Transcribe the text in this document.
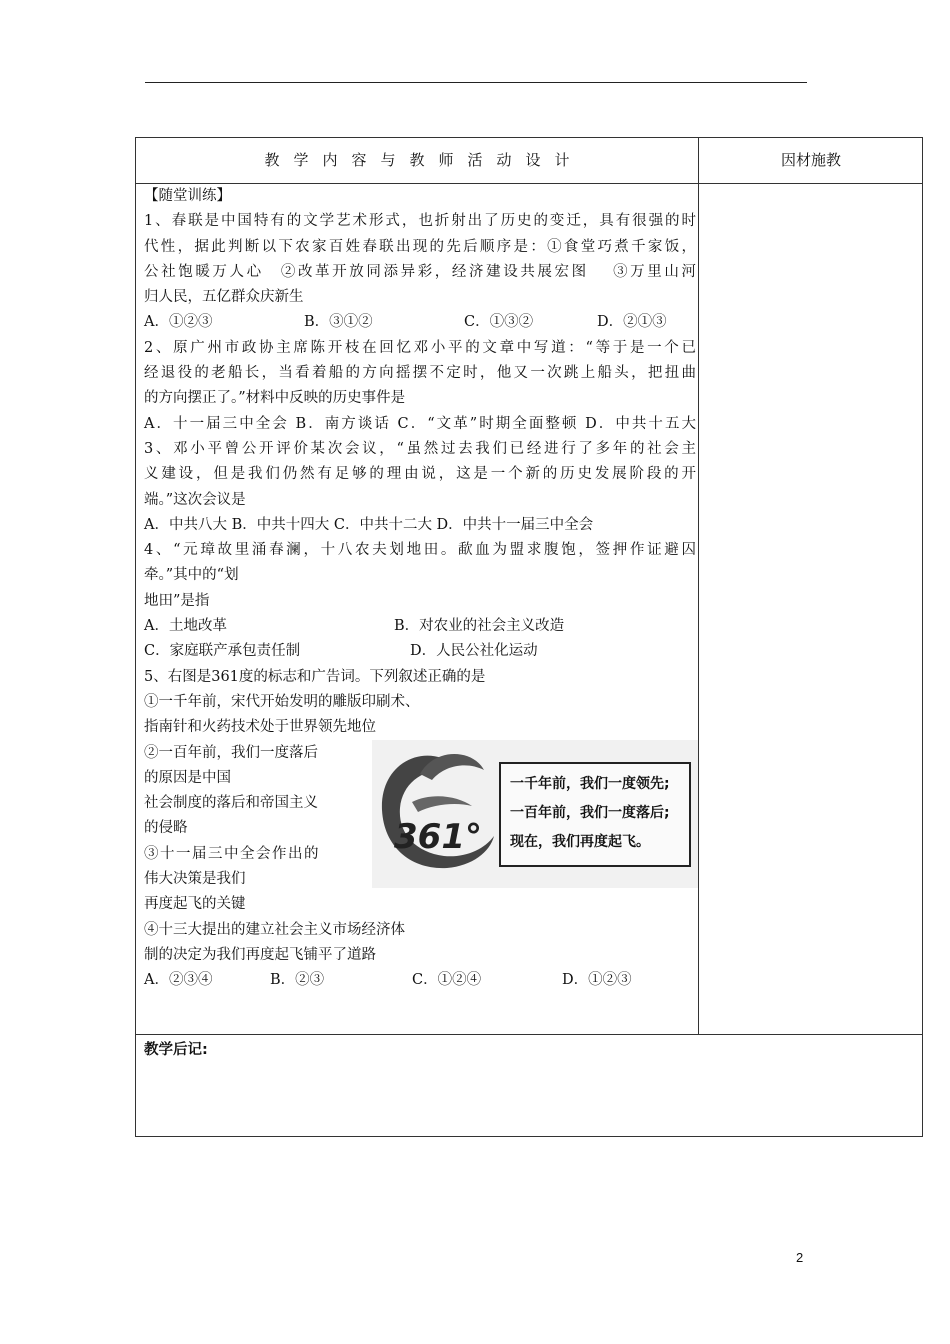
教学内容与教师活动设计	因材施教
【随堂训练】
1、春联是中国特有的文学艺术形式，也折射出了历史的变迁，具有很强的时
代性，据此判断以下农家百姓春联出现的先后顺序是：①食堂巧煮千家饭，
公社饱暖万人心　②改革开放同添异彩，经济建设共展宏图　 ③万里山河
归人民，五亿群众庆新生
A．①②③	B．③①②	C．①③②	D．②①③
2、原广州市政协主席陈开枝在回忆邓小平的文章中写道：“等于是一个已
经退役的老船长，当看着船的方向摇摆不定时，他又一次跳上船头，把扭曲
的方向摆正了。”材料中反映的历史事件是
A．十一届三中全会 B．南方谈话 C．“文革”时期全面整顿 D．中共十五大
3、邓小平曾公开评价某次会议，“虽然过去我们已经进行了多年的社会主
义建设，但是我们仍然有足够的理由说，这是一个新的历史发展阶段的开
端。”这次会议是
A．中共八大 B．中共十四大 C．中共十二大 D．中共十一届三中全会
4、“元璋故里涌春澜，十八农夫划地田。歃血为盟求腹饱，签押作证避囚
牵。”其中的“划
地田”是指
A．土地改革	B．对农业的社会主义改造
C．家庭联产承包责任制	D．人民公社化运动
5、右图是361度的标志和广告词。下列叙述正确的是
①一千年前，宋代开始发明的雕版印刷术、
指南针和火药技术处于世界领先地位
②一百年前，我们一度落后
的原因是中国
社会制度的落后和帝国主义
的侵略
③十一届三中全会作出的
伟大决策是我们
再度起飞的关键
④十三大提出的建立社会主义市场经济体
制的决定为我们再度起飞铺平了道路
A．②③④	B．②③	C．①②④	D．①②③
教学后记:
361°
一千年前，我们一度领先;
一百年前，我们一度落后;
现在，我们再度起飞。
2
